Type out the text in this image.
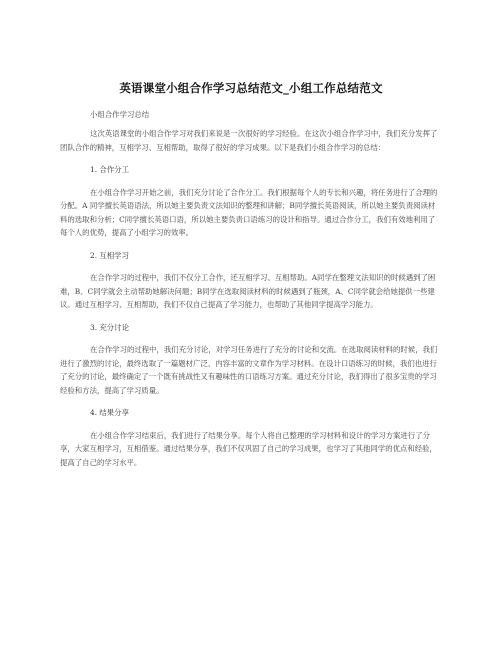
英语课堂小组合作学习总结范文_小组工作总结范文
小组合作学习总结

这次英语课堂的小组合作学习对我们来说是一次很好的学习经验。在这次小组合作学习中，我们充分发挥了团队合作的精神，互相学习、互相帮助，取得了很好的学习成果。以下是我们小组合作学习的总结：

1. 合作分工

在小组合作学习开始之前，我们充分讨论了合作分工。我们根据每个人的专长和兴趣，将任务进行了合理的分配。A 同学擅长英语语法，所以她主要负责文法知识的整理和讲解；B同学擅长英语阅读，所以她主要负责阅读材料的选取和分析；C同学擅长英语口语，所以她主要负责口语练习的设计和指导。通过合作分工，我们有效地利用了每个人的优势，提高了小组学习的效率。

2. 互相学习

在合作学习的过程中，我们不仅分工合作，还互相学习、互相帮助。A同学在整理文法知识的时候遇到了困难，B、C同学就会主动帮助她解决问题；B同学在选取阅读材料的时候遇到了瓶颈，A、C同学就会给她提供一些建议。通过互相学习、互相帮助，我们不仅自己提高了学习能力，也帮助了其他同学提高学习能力。

3. 充分讨论

在合作学习的过程中，我们充分讨论，对学习任务进行了充分的讨论和交流。在选取阅读材料的时候，我们进行了激烈的讨论，最终选取了一篇题材广泛、内容丰富的文章作为学习材料。在设计口语练习的时候，我们也进行了充分的讨论，最终确定了一个既有挑战性又有趣味性的口语练习方案。通过充分讨论，我们得出了很多宝贵的学习经验和方法，提高了学习质量。

4. 结果分享

在小组合作学习结束后，我们进行了结果分享。每个人将自己整理的学习材料和设计的学习方案进行了分享，大家互相学习，互相借鉴。通过结果分享，我们不仅巩固了自己的学习成果，也学习了其他同学的优点和经验，提高了自己的学习水平。
